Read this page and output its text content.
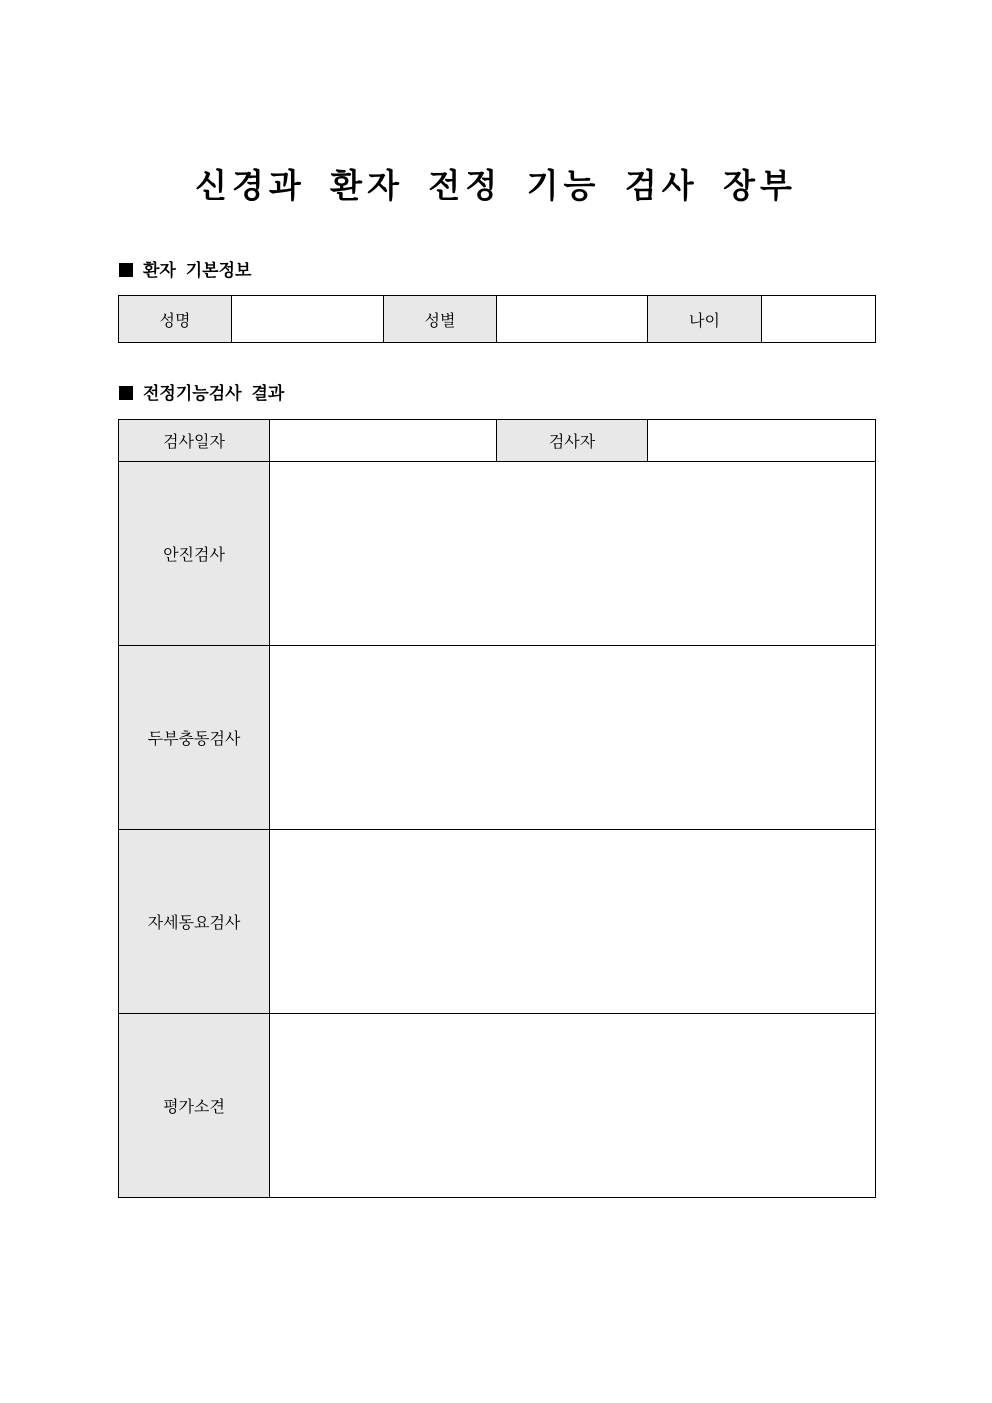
신경과 환자 전정 기능 검사 장부
환자 기본정보
성명		성별		나이	
전정기능검사 결과
검사일자		검사자	
안진검사			
두부충동검사			
자세동요검사			
평가소견			
